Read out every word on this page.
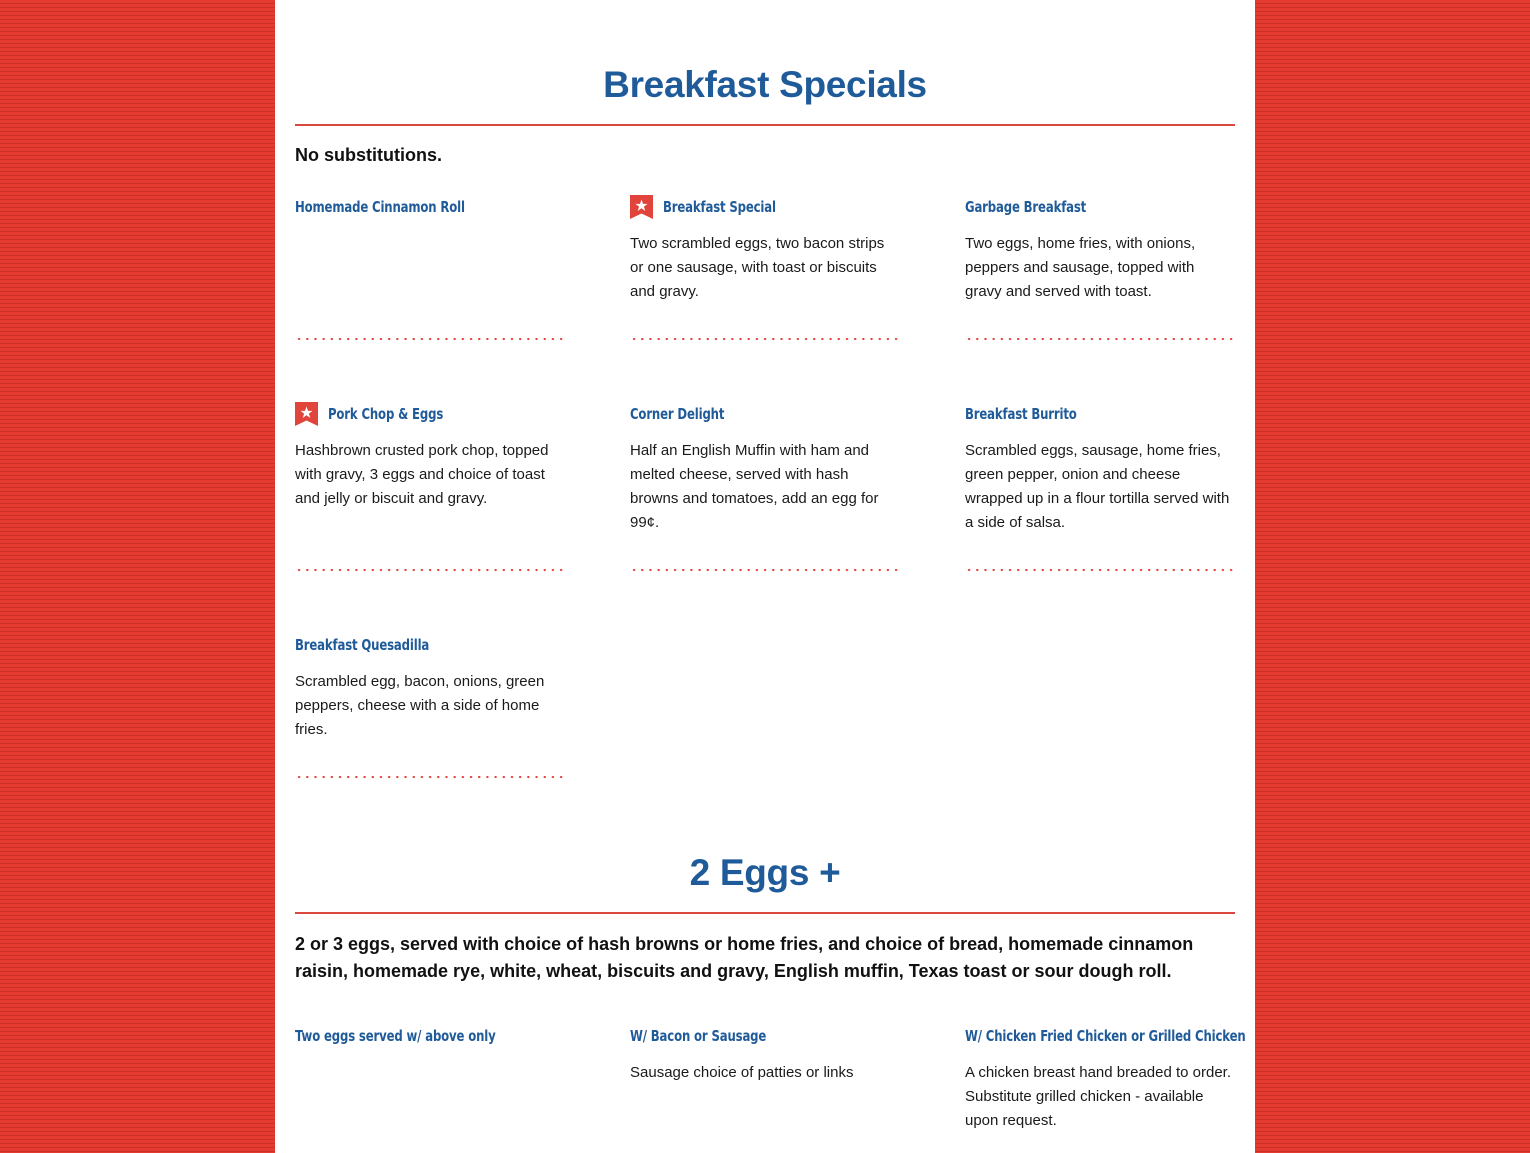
Breakfast Specials

No substitutions.

Homemade Cinnamon Roll	Breakfast Special
Two scrambled eggs, two bacon strips or one sausage, with toast or biscuits and gravy.
Garbage Breakfast
Two eggs, home fries, with onions, peppers and sausage, topped with gravy and served with toast.
Pork Chop & Eggs
Hashbrown crusted pork chop, topped with gravy, 3 eggs and choice of toast and jelly or biscuit and gravy.
Corner Delight
Half an English Muffin with ham and melted cheese, served with hash browns and tomatoes, add an egg for 99¢.
Breakfast Burrito
Scrambled eggs, sausage, home fries, green pepper, onion and cheese wrapped up in a flour tortilla served with a side of salsa.
Breakfast Quesadilla
Scrambled egg, bacon, onions, green peppers, cheese with a side of home fries.
2 Eggs +

2 or 3 eggs, served with choice of hash browns or home fries, and choice of bread, homemade cinnamon raisin, homemade rye, white, wheat, biscuits and gravy, English muffin, Texas toast or sour dough roll.

Two eggs served w/ above only	W/ Bacon or Sausage
Sausage choice of patties or links
W/ Chicken Fried Chicken or Grilled Chicken
A chicken breast hand breaded to order. Substitute grilled chicken - available upon request.
